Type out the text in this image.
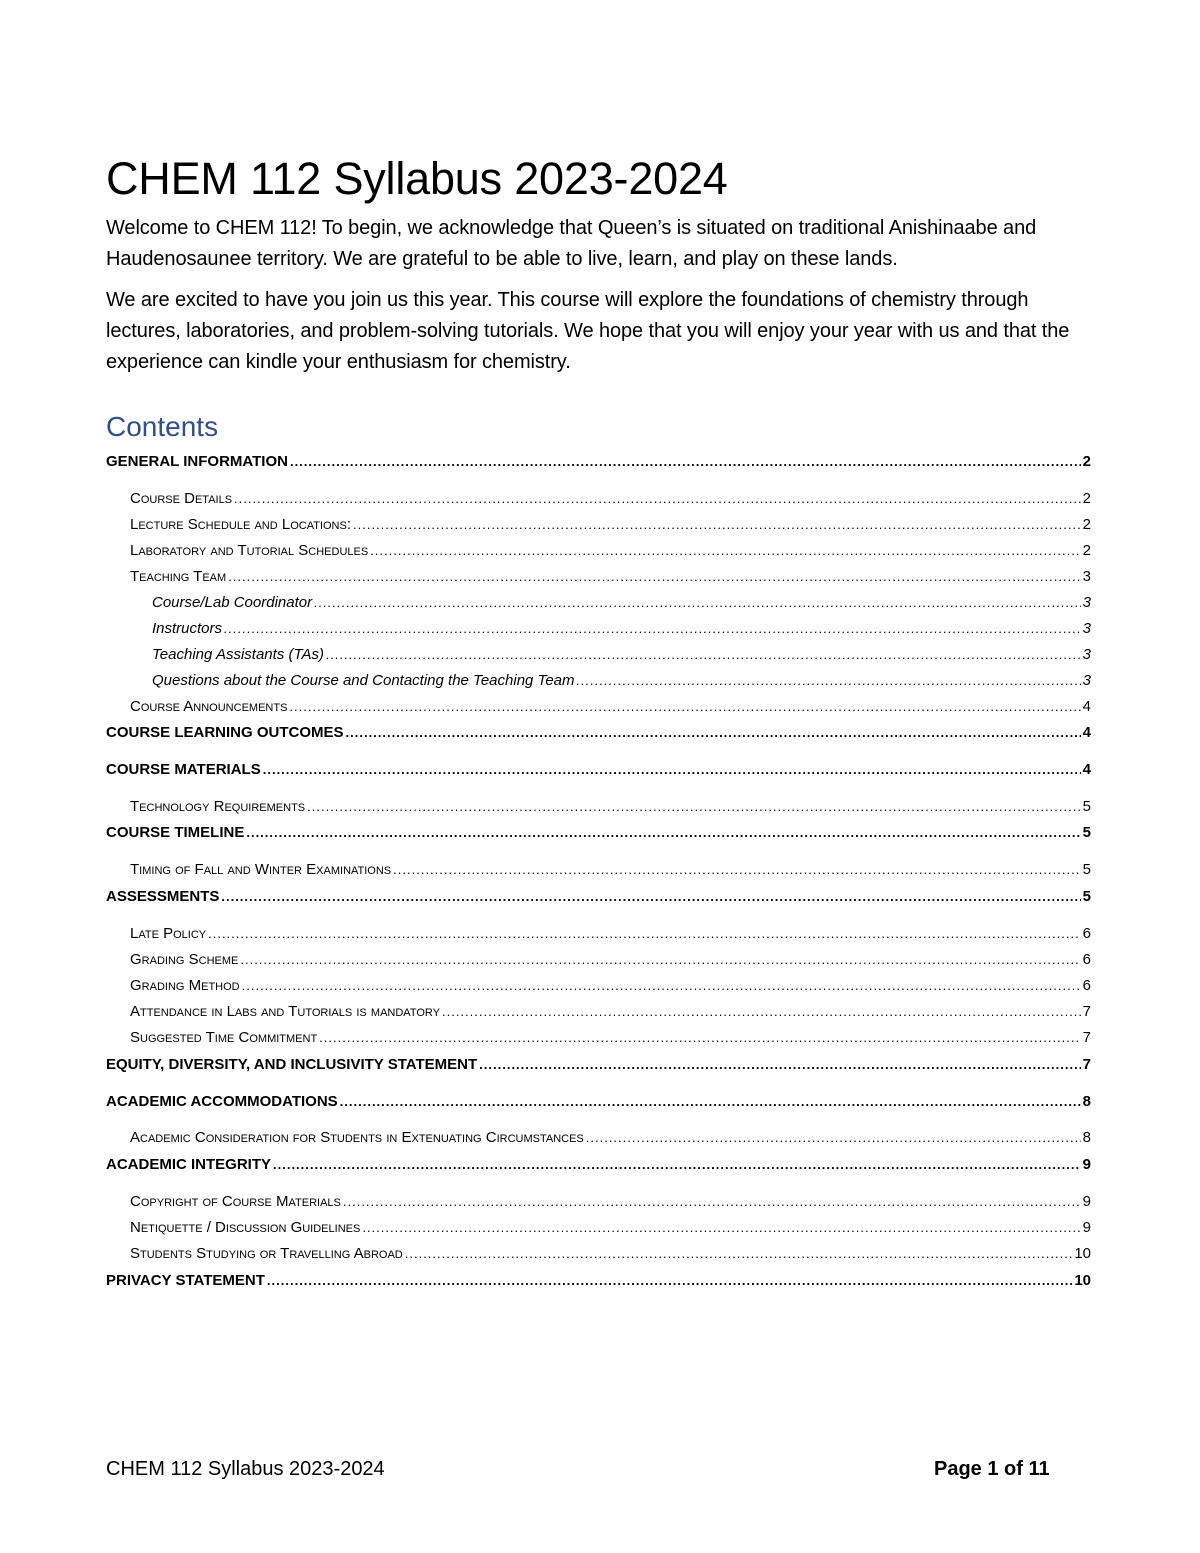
CHEM 112 Syllabus 2023-2024

Welcome to CHEM 112! To begin, we acknowledge that Queen’s is situated on traditional Anishinaabe and Haudenosaunee territory. We are grateful to be able to live, learn, and play on these lands.

We are excited to have you join us this year. This course will explore the foundations of chemistry through lectures, laboratories, and problem-solving tutorials. We hope that you will enjoy your year with us and that the experience can kindle your enthusiasm for chemistry.

Contents
GENERAL INFORMATION .....	2
Course Details .....	2
Lecture Schedule and Locations: .....	2
Laboratory and Tutorial Schedules .....	2
Teaching Team .....	3
Course/Lab Coordinator .....	3
Instructors .....	3
Teaching Assistants (TAs) .....	3
Questions about the Course and Contacting the Teaching Team .....	3
Course Announcements .....	4
COURSE LEARNING OUTCOMES .....	4
COURSE MATERIALS .....	4
Technology Requirements .....	5
COURSE TIMELINE .....	5
Timing of Fall and Winter Examinations .....	5
ASSESSMENTS .....	5
Late Policy .....	6
Grading Scheme .....	6
Grading Method .....	6
Attendance in Labs and Tutorials is mandatory .....	7
Suggested Time Commitment .....	7
EQUITY, DIVERSITY, AND INCLUSIVITY STATEMENT .....	7
ACADEMIC ACCOMMODATIONS .....	8
Academic Consideration for Students in Extenuating Circumstances .....	8
ACADEMIC INTEGRITY .....	9
Copyright of Course Materials .....	9
Netiquette / Discussion Guidelines .....	9
Students Studying or Travelling Abroad .....	10
PRIVACY STATEMENT .....	10
CHEM 112 Syllabus 2023-2024	Page 1 of 11
